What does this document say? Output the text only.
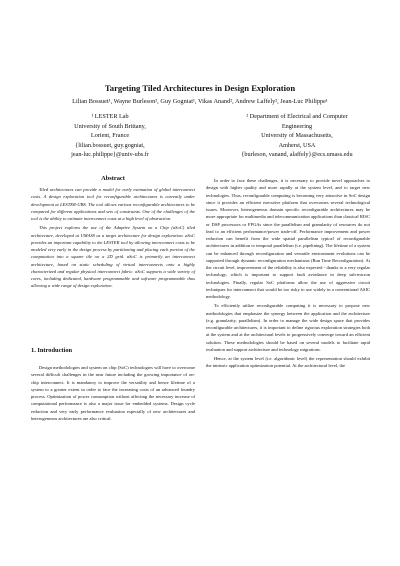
Targeting Tiled Architectures in Design Exploration
Lilian Bossuet¹, Wayne Burleson², Guy Gogniat¹, Vikas Anand², Andrew Laffely², Jean-Luc Philippe¹
¹ LESTER Lab
University of South Brittany,
Lorient, France
{lilian.bossuet, guy.gogniat,
jean-luc.philippe}@univ-ubs.fr
² Department of Electrical and Computer
Engineering
University of Massachusetts,
Amherst, USA
{burleson, vanand, alaffely}@ecs.umass.edu
Abstract

Tiled architectures can provide a model for early estimation of global interconnect costs. A design exploration tool for reconfigurable architectures is currently under development at LESTER-UBS. The tool allows various reconfigurable architectures to be compared for different applications and sets of constraints. One of the challenges of the tool is the ability to estimate interconnect costs at a high level of abstraction.

This project explores the use of the Adaptive System on a Chip (aSoC) tiled architecture, developed at UMASS as a target architecture for design exploration. aSoC provides an important capability to the LESTER tool by allowing interconnect costs to be modeled very early in the design process by partitioning and placing each portion of the computation into a square tile on a 2D grid. aSoC is primarily an interconnect architecture, based on static scheduling of virtual interconnects onto a highly characterized and regular physical interconnect fabric. aSoC supports a wide variety of cores, including dedicated, hardware programmable and software programmable thus allowing a wide range of design exploration.

1. Introduction

Design methodologies and system on chip (SoC) technologies will have to overcome several difficult challenges in the near future including the growing importance of on-chip interconnect. It is mandatory to improve the versatility and hence lifetime of a system to a greater extent in order to face the increasing costs of an advanced foundry process. Optimization of power consumption without affecting the necessary increase of computational performance is also a major issue for embedded systems. Design cycle reduction and very early performance evaluation especially of new architectures and heterogeneous architectures are also critical.

In order to face these challenges, it is necessary to provide novel approaches to design with higher quality and more rapidly at the system level, and to target new technologies. Thus, reconfigurable computing is becoming very attractive in SoC design since it provides an efficient executive platform that overcomes several technological issues. Moreover, heterogeneous domain specific reconfigurable architectures may be more appropriate for multimedia and telecommunication applications than classical RISC or DSP processors or FPGAs since the parallelism and granularity of resources do not lead to an efficient performance/power trade-off. Performance improvement and power reduction can benefit from the wide spatial parallelism typical of reconfigurable architectures in addition to temporal parallelism (i.e. pipelining). The lifetime of a system can be enhanced through reconfiguration and versatile environment evolutions can be supported through dynamic reconfiguration mechanisms (Run Time Reconfiguration). At the circuit level, improvement of the reliability is also expected - thanks to a very regular technology, which is important to support fault avoidance in deep sub-micron technologies. Finally, regular SoC platforms allow the use of aggressive circuit techniques for interconnect that would be too risky to use widely in a conventional ASIC methodology.

To efficiently utilize reconfigurable computing it is necessary to propose new methodologies that emphasize the synergy between the application and the architecture (e.g. granularity, parallelism). In order to manage the wide design space that provides reconfigurable architectures, it is important to define rigorous exploration strategies both at the system and at the architectural levels to progressively converge toward an efficient solution. These methodologies should be based on several models to facilitate rapid evaluation and support architecture and technology migrations.

Hence, at the system level (i.e. algorithmic level) the representation should exhibit the intrinsic application optimization potential. At the architectural level, the
